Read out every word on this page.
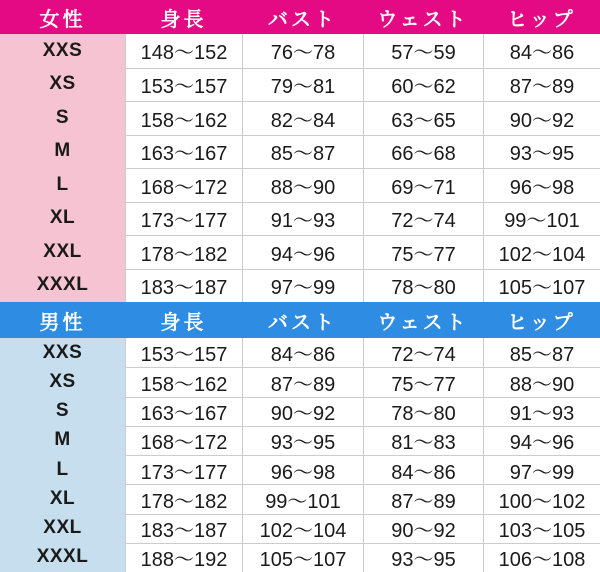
女性	身長	バスト	ウェスト	ヒップ
XXS	148～152	76～78	57～59	84～86
XS	153～157	79～81	60～62	87～89
S	158～162	82～84	63～65	90～92
M	163～167	85～87	66～68	93～95
L	168～172	88～90	69～71	96～98
XL	173～177	91～93	72～74	99～101
XXL	178～182	94～96	75～77	102～104
XXXL	183～187	97～99	78～80	105～107
男性	身長	バスト	ウェスト	ヒップ
XXS	153～157	84～86	72～74	85～87
XS	158～162	87～89	75～77	88～90
S	163～167	90～92	78～80	91～93
M	168～172	93～95	81～83	94～96
L	173～177	96～98	84～86	97～99
XL	178～182	99～101	87～89	100～102
XXL	183～187	102～104	90～92	103～105
XXXL	188～192	105～107	93～95	106～108
